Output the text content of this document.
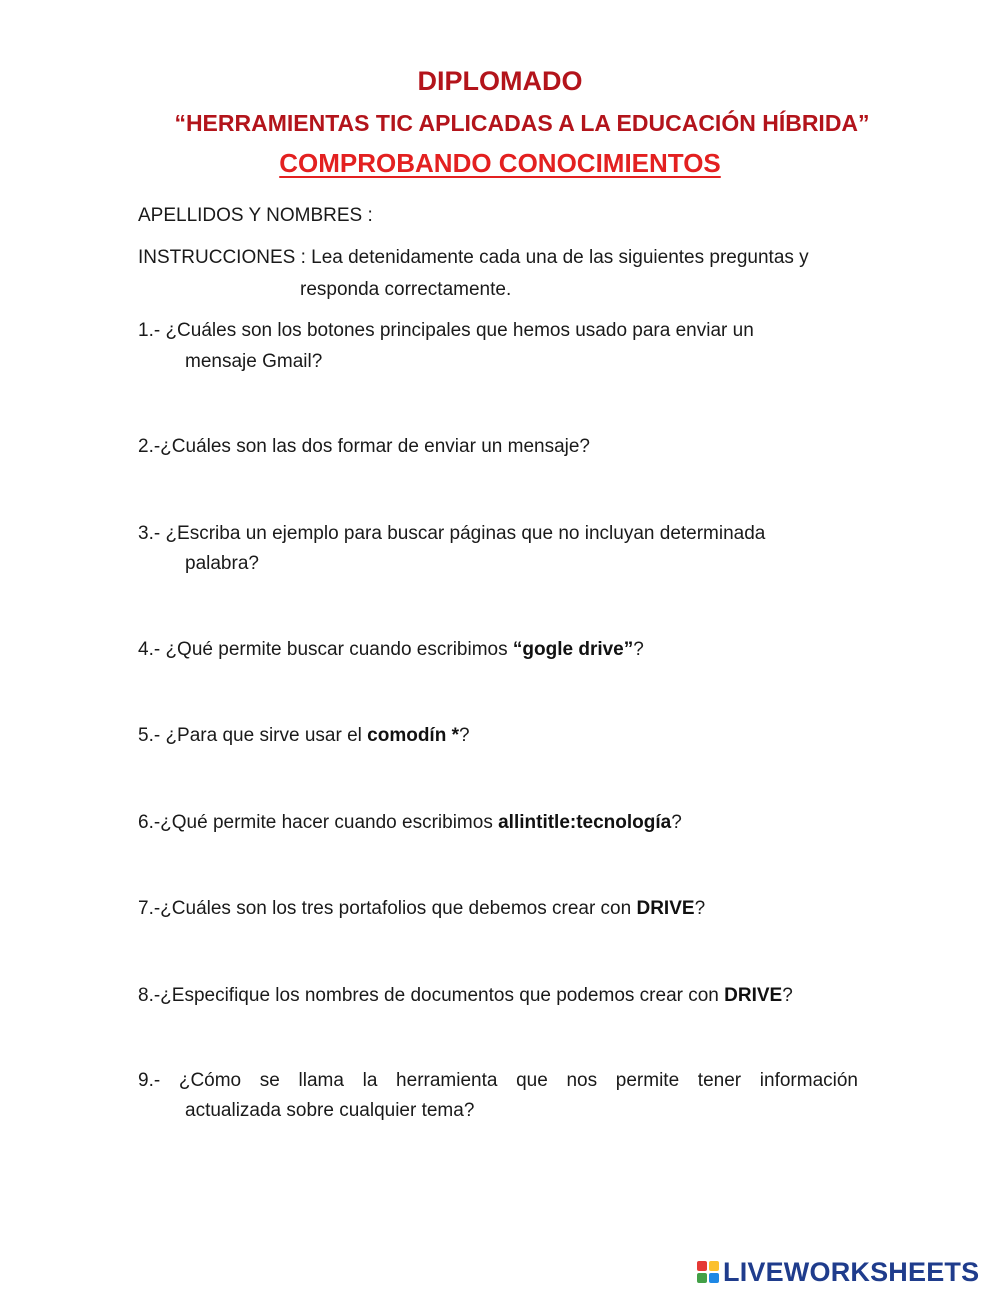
DIPLOMADO
“HERRAMIENTAS TIC APLICADAS A LA EDUCACIÓN HÍBRIDA”
COMPROBANDO CONOCIMIENTOS
APELLIDOS Y NOMBRES :
INSTRUCCIONES : Lea detenidamente cada una de las siguientes preguntas y
responda correctamente.
1.- ¿Cuáles son los botones principales que hemos usado para enviar un
mensaje Gmail?
2.-¿Cuáles son las dos formar de enviar un mensaje?
3.- ¿Escriba un ejemplo para buscar páginas que no incluyan determinada
palabra?
4.- ¿Qué permite buscar cuando escribimos “gogle drive”?
5.- ¿Para que sirve usar el comodín *?
6.-¿Qué permite hacer cuando escribimos allintitle:tecnología?
7.-¿Cuáles son los tres portafolios que debemos crear con DRIVE?
8.-¿Especifique los nombres de documentos que podemos crear con DRIVE?
9.- ¿Cómo se llama la herramienta que nos permite tener información
actualizada sobre cualquier tema?
LIVEWORKSHEETS
